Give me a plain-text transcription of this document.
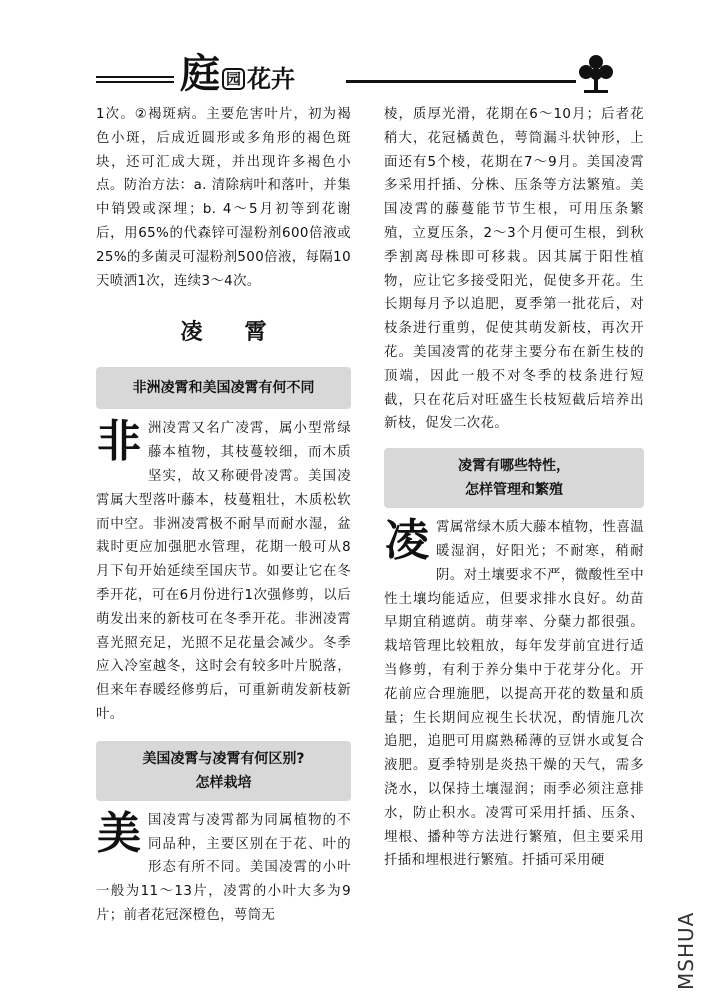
庭 园 花卉

1次。②褐斑病。主要危害叶片，初为褐色小斑，后成近圆形或多角形的褐色斑块，还可汇成大斑，并出现许多褐色小点。防治方法：a. 清除病叶和落叶，并集中销毁或深埋；b. 4～5月初等到花谢后，用65%的代森锌可湿粉剂600倍液或25%的多菌灵可湿粉剂500倍液，每隔10天喷洒1次，连续3～4次。

凌霄
非洲凌霄和美国凌霄有何不同
非 洲凌霄又名广凌霄，属小型常绿藤本植物，其枝蔓较细，而木质坚实，故又称硬骨凌霄。美国凌霄属大型落叶藤本，枝蔓粗壮，木质松软而中空。非洲凌霄极不耐旱而耐水湿，盆栽时更应加强肥水管理，花期一般可从8月下旬开始延续至国庆节。如要让它在冬季开花，可在6月份进行1次强修剪，以后萌发出来的新枝可在冬季开花。非洲凌霄喜光照充足，光照不足花量会减少。冬季应入冷室越冬，这时会有较多叶片脱落，但来年春暖经修剪后，可重新萌发新枝新叶。

美国凌霄与凌霄有何区别?
怎样栽培
美 国凌霄与凌霄都为同属植物的不同品种，主要区别在于花、叶的形态有所不同。美国凌霄的小叶一般为11～13片，凌霄的小叶大多为9片；前者花冠深橙色，萼筒无

棱，质厚光滑，花期在6～10月；后者花稍大，花冠橘黄色，萼筒漏斗状钟形，上面还有5个棱，花期在7～9月。美国凌霄多采用扦插、分株、压条等方法繁殖。美国凌霄的藤蔓能节节生根，可用压条繁殖，立夏压条，2～3个月便可生根，到秋季割离母株即可移栽。因其属于阳性植物，应让它多接受阳光，促使多开花。生长期每月予以追肥，夏季第一批花后，对枝条进行重剪，促使其萌发新枝，再次开花。美国凌霄的花芽主要分布在新生枝的顶端，因此一般不对冬季的枝条进行短截，只在花后对旺盛生长枝短截后培养出新枝，促发二次花。

凌霄有哪些特性，
怎样管理和繁殖
凌 霄属常绿木质大藤本植物，性喜温暖湿润，好阳光；不耐寒，稍耐阴。对土壤要求不严，微酸性至中性土壤均能适应，但要求排水良好。幼苗早期宜稍遮荫。萌芽率、分蘖力都很强。栽培管理比较粗放，每年发芽前宜进行适当修剪，有利于养分集中于花芽分化。开花前应合理施肥，以提高开花的数量和质量；生长期间应视生长状况，酌情施几次追肥，追肥可用腐熟稀薄的豆饼水或复合液肥。夏季特别是炎热干燥的天气，需多浇水，以保持土壤湿润；雨季必须注意排水，防止积水。凌霄可采用扦插、压条、埋根、播种等方法进行繁殖，但主要采用扦插和埋根进行繁殖。扦插可采用硬

MSHUA
